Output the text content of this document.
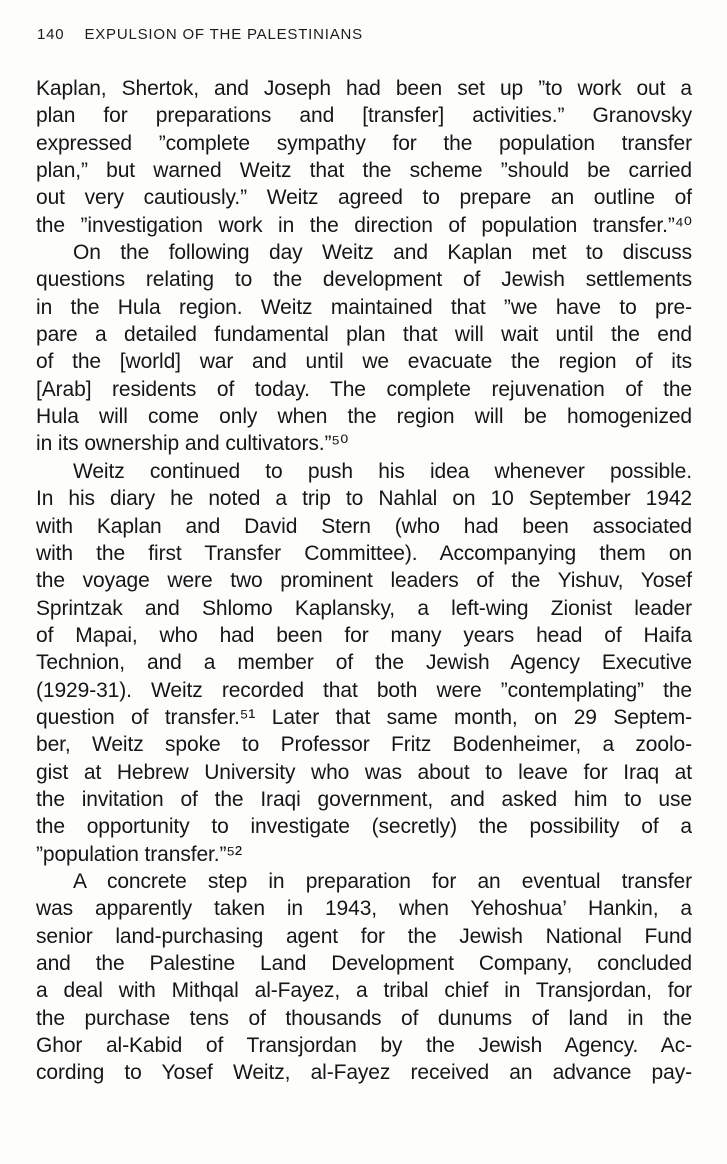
140 EXPULSION OF THE PALESTINIANS
Kaplan, Shertok, and Joseph had been set up ”to work out a
plan for preparations and [transfer] activities.” Granovsky
expressed ”complete sympathy for the population transfer
plan,” but warned Weitz that the scheme ”should be carried
out very cautiously.” Weitz agreed to prepare an outline of
the ”investigation work in the direction of population transfer.”⁴⁰
On the following day Weitz and Kaplan met to discuss
questions relating to the development of Jewish settlements
in the Hula region. Weitz maintained that ”we have to pre-
pare a detailed fundamental plan that will wait until the end
of the [world] war and until we evacuate the region of its
[Arab] residents of today. The complete rejuvenation of the
Hula will come only when the region will be homogenized
in its ownership and cultivators.”⁵⁰
Weitz continued to push his idea whenever possible.
In his diary he noted a trip to Nahlal on 10 September 1942
with Kaplan and David Stern (who had been associated
with the first Transfer Committee). Accompanying them on
the voyage were two prominent leaders of the Yishuv, Yosef
Sprintzak and Shlomo Kaplansky, a left-wing Zionist leader
of Mapai, who had been for many years head of Haifa
Technion, and a member of the Jewish Agency Executive
(1929-31). Weitz recorded that both were ”contemplating” the
question of transfer.⁵¹ Later that same month, on 29 Septem-
ber, Weitz spoke to Professor Fritz Bodenheimer, a zoolo-
gist at Hebrew University who was about to leave for Iraq at
the invitation of the Iraqi government, and asked him to use
the opportunity to investigate (secretly) the possibility of a
”population transfer.”⁵²
A concrete step in preparation for an eventual transfer
was apparently taken in 1943, when Yehoshua’ Hankin, a
senior land-purchasing agent for the Jewish National Fund
and the Palestine Land Development Company, concluded
a deal with Mithqal al-Fayez, a tribal chief in Transjordan, for
the purchase tens of thousands of dunums of land in the
Ghor al-Kabid of Transjordan by the Jewish Agency. Ac-
cording to Yosef Weitz, al-Fayez received an advance pay-
